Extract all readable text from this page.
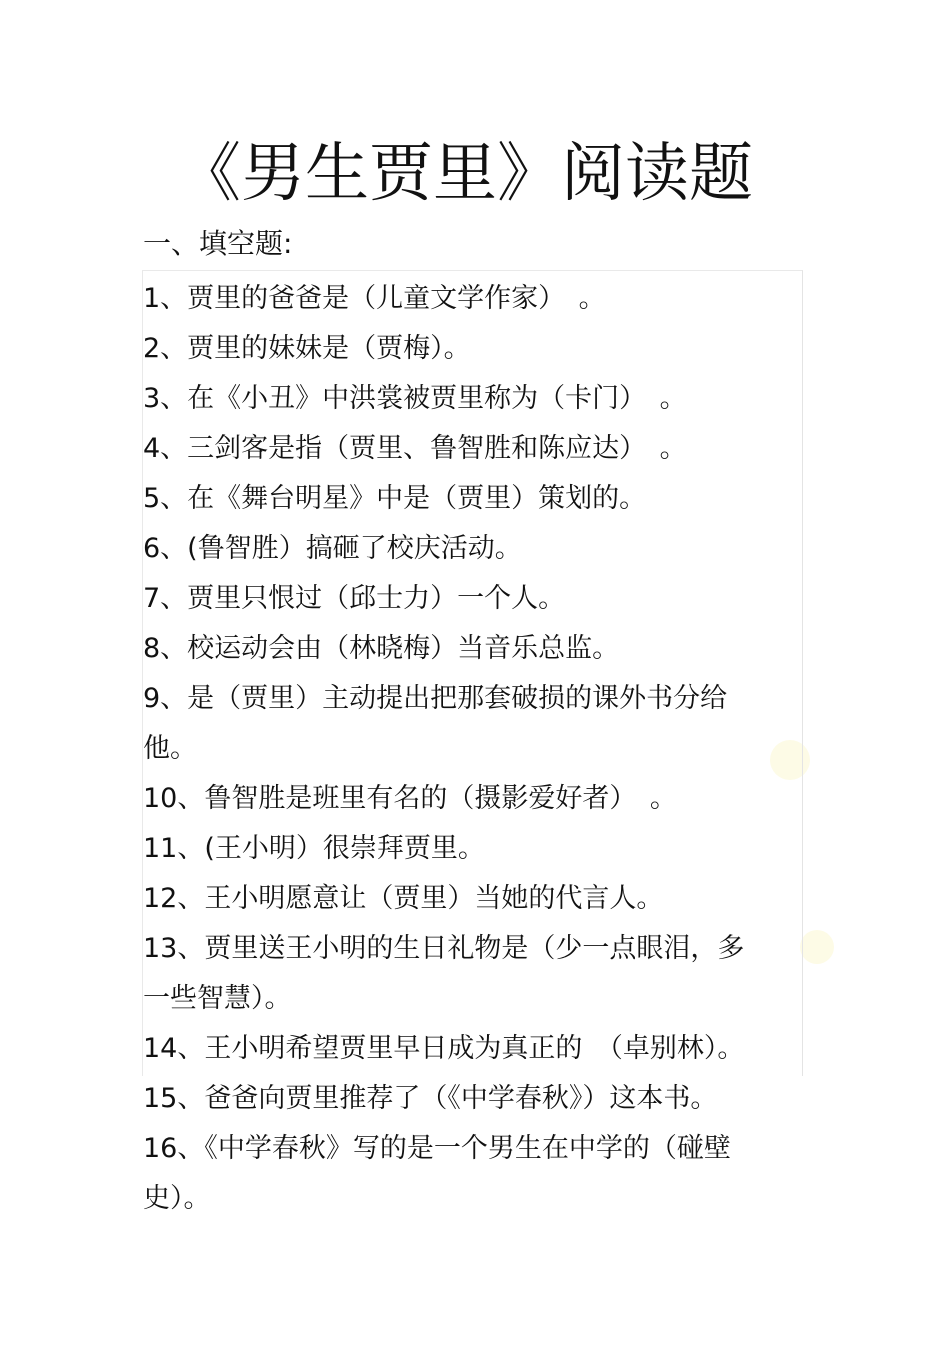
《男生贾里》阅读题
一、填空题:
1、贾里的爸爸是（儿童文学作家）　。
2、贾里的妹妹是（贾梅）。
3、在《小丑》中洪裳被贾里称为（卡门）　。
4、三剑客是指（贾里、鲁智胜和陈应达）　。
5、在《舞台明星》中是（贾里）策划的。
6、(鲁智胜）搞砸了校庆活动。
7、贾里只恨过（邱士力）一个人。
8、校运动会由（林晓梅）当音乐总监。
9、是（贾里）主动提出把那套破损的课外书分给他。
10、鲁智胜是班里有名的（摄影爱好者）　。
11、(王小明）很崇拜贾里。
12、王小明愿意让（贾里）当她的代言人。
13、贾里送王小明的生日礼物是（少一点眼泪，多一些智慧）。
14、王小明希望贾里早日成为真正的　（卓别林）。
15、爸爸向贾里推荐了（《中学春秋》）这本书。
16、《中学春秋》写的是一个男生在中学的（碰壁史）。
